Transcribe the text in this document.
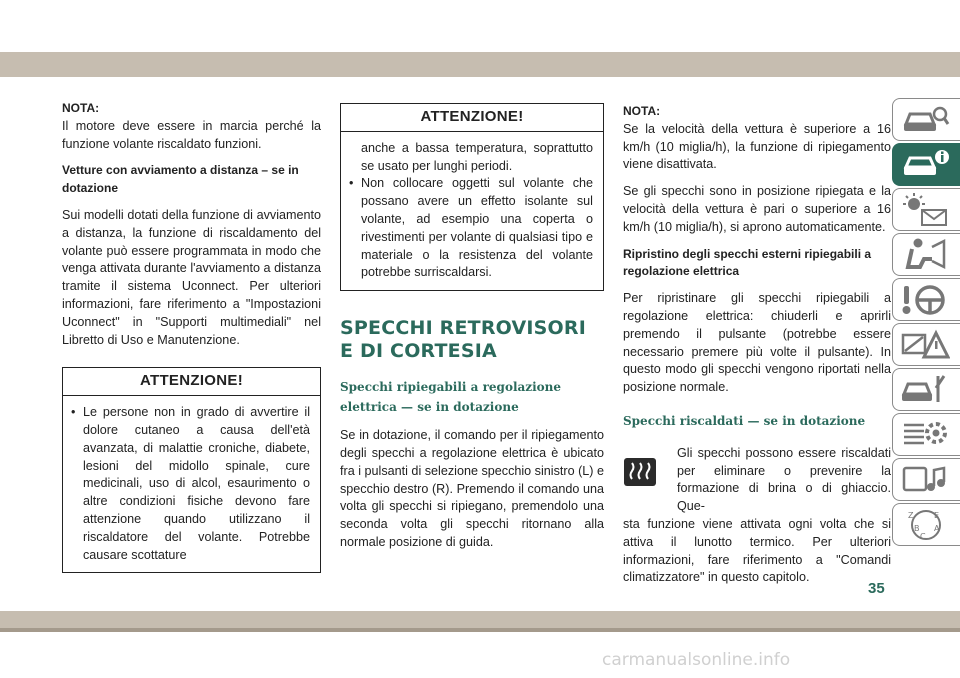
NOTA:

Il motore deve essere in marcia perché la funzione volante riscaldato funzioni.

Vetture con avviamento a distanza – se in dotazione

Sui modelli dotati della funzione di avviamento a distanza, la funzione di riscaldamento del volante può essere programmata in modo che venga attivata durante l'avviamento a distanza tramite il sistema Uconnect. Per ulteriori informazioni, fare riferimento a "Impostazioni Uconnect" in "Supporti multimediali" nel Libretto di Uso e Manutenzione.

ATTENZIONE!
• Le persone non in grado di avvertire il dolore cutaneo a causa dell'età avanzata, di malattie croniche, diabete, lesioni del midollo spinale, cure medicinali, uso di alcol, esaurimento o altre condizioni fisiche devono fare attenzione quando utilizzano il riscaldatore del volante. Potrebbe causare scottature
ATTENZIONE!
anche a bassa temperatura, soprattutto se usato per lunghi periodi.
• Non collocare oggetti sul volante che possano avere un effetto isolante sul volante, ad esempio una coperta o rivestimenti per volante di qualsiasi tipo e materiale o la resistenza del volante potrebbe surriscaldarsi.
SPECCHI RETROVISORI E DI CORTESIA
Specchi ripiegabili a regolazione elettrica — se in dotazione

Se in dotazione, il comando per il ripiegamento degli specchi a regolazione elettrica è ubicato fra i pulsanti di selezione specchio sinistro (L) e specchio destro (R). Premendo il comando una volta gli specchi si ripiegano, premendolo una seconda volta gli specchi ritornano alla normale posizione di guida.

NOTA:

Se la velocità della vettura è superiore a 16 km/h (10 miglia/h), la funzione di ripiegamento viene disattivata.

Se gli specchi sono in posizione ripiegata e la velocità della vettura è pari o superiore a 16 km/h (10 miglia/h), si aprono automaticamente.

Ripristino degli specchi esterni ripiegabili a regolazione elettrica

Per ripristinare gli specchi ripiegabili a regolazione elettrica: chiuderli e aprirli premendo il pulsante (potrebbe essere necessario premere più volte il pulsante). In questo modo gli specchi vengono riportati nella posizione normale.

Specchi riscaldati — se in dotazione

Gli specchi possono essere riscaldati per eliminare o prevenire la formazione di brina o di ghiaccio. Que-

sta funzione viene attivata ogni volta che si attiva il lunotto termico. Per ulteriori informazioni, fare riferimento a "Comandi climatizzatore" in questo capitolo.

Z	E
B A
C
35
carmanualsonline.info
